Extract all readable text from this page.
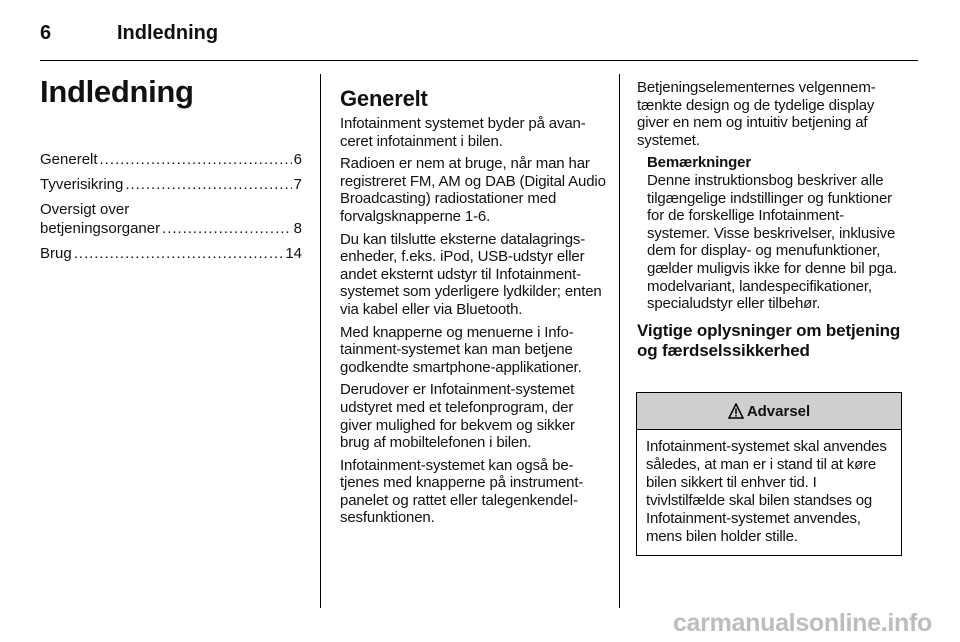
6	Indledning
Indledning
Generelt . . .	6
Tyverisikring . . .	7
Oversigt over
betjeningsorganer . . .	8
Brug . . .	14
Generelt

Infotainment systemet byder på avanceret infotainment i bilen.

Radioen er nem at bruge, når man har registreret FM, AM og DAB (Digital Audio Broadcasting) radiostationer med forvalgsknapperne 1-6.

Du kan tilslutte eksterne datalagringsenheder, f.eks. iPod, USB-udstyr eller andet eksternt udstyr til Infotainment-systemet som yderligere lydkilder; enten via kabel eller via Bluetooth.

Med knapperne og menuerne i Infotainment-systemet kan man betjene godkendte smartphone-applikationer.

Derudover er Infotainment-systemet udstyret med et telefonprogram, der giver mulighed for bekvem og sikker brug af mobiltelefonen i bilen.

Infotainment-systemet kan også betjenes med knapperne på instrumentpanelet og rattet eller talegenkendelsesfunktionen.

Betjeningselementernes velgennemtænkte design og de tydelige display giver en nem og intuitiv betjening af systemet.

Bemærkninger
Denne instruktionsbog beskriver alle tilgængelige indstillinger og funktioner for de forskellige Infotainment-systemer. Visse beskrivelser, inklusive dem for display- og menufunktioner, gælder muligvis ikke for denne bil pga. modelvariant, landespecifikationer, specialudstyr eller tilbehør.
Vigtige oplysninger om betjening og færdselssikkerhed
Advarsel
Infotainment-systemet skal anvendes således, at man er i stand til at køre bilen sikkert til enhver tid. I tvivlstilfælde skal bilen standses og Infotainment-systemet anvendes, mens bilen holder stille.
carmanualsonline.info
